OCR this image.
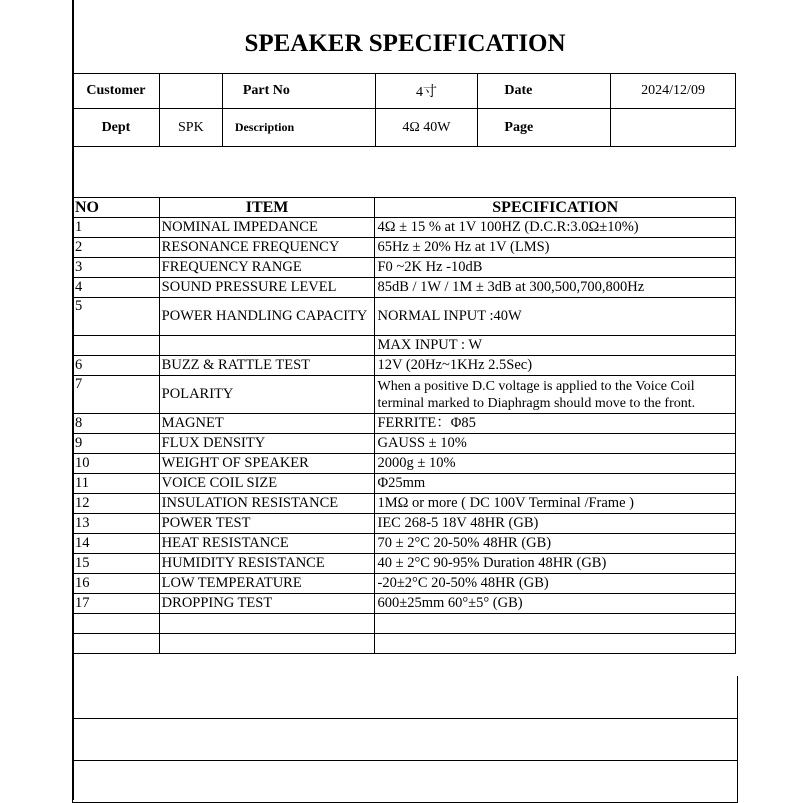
SPEAKER SPECIFICATION
Customer		Part No	4寸	Date	2024/12/09
Dept	SPK	Description	4Ω 40W	Page	
NO	ITEM	SPECIFICATION
1	NOMINAL IMPEDANCE	4Ω ± 15 % at 1V 100HZ (D.C.R:3.0Ω±10%)
2	RESONANCE FREQUENCY	65Hz ± 20% Hz at 1V (LMS)
3	FREQUENCY RANGE	F0 ~2K Hz -10dB
4	SOUND PRESSURE LEVEL	85dB / 1W / 1M ± 3dB at 300,500,700,800Hz
5	POWER HANDLING CAPACITY	NORMAL INPUT :40W
		MAX INPUT : W
6	BUZZ & RATTLE TEST	12V (20Hz~1KHz 2.5Sec)
7	POLARITY	When a positive D.C voltage is applied to the Voice Coil terminal marked to Diaphragm should move to the front.
8	MAGNET	FERRITE：Φ85
9	FLUX DENSITY	GAUSS ± 10%
10	WEIGHT OF SPEAKER	2000g ± 10%
11	VOICE COIL SIZE	Φ25mm
12	INSULATION RESISTANCE	1MΩ or more ( DC 100V Terminal /Frame )
13	POWER TEST	IEC 268-5 18V 48HR (GB)
14	HEAT RESISTANCE	70 ± 2°C 20-50% 48HR (GB)
15	HUMIDITY RESISTANCE	40 ± 2°C 90-95% Duration 48HR (GB)
16	LOW TEMPERATURE	-20±2°C 20-50% 48HR (GB)
17	DROPPING TEST	600±25mm 60°±5° (GB)
